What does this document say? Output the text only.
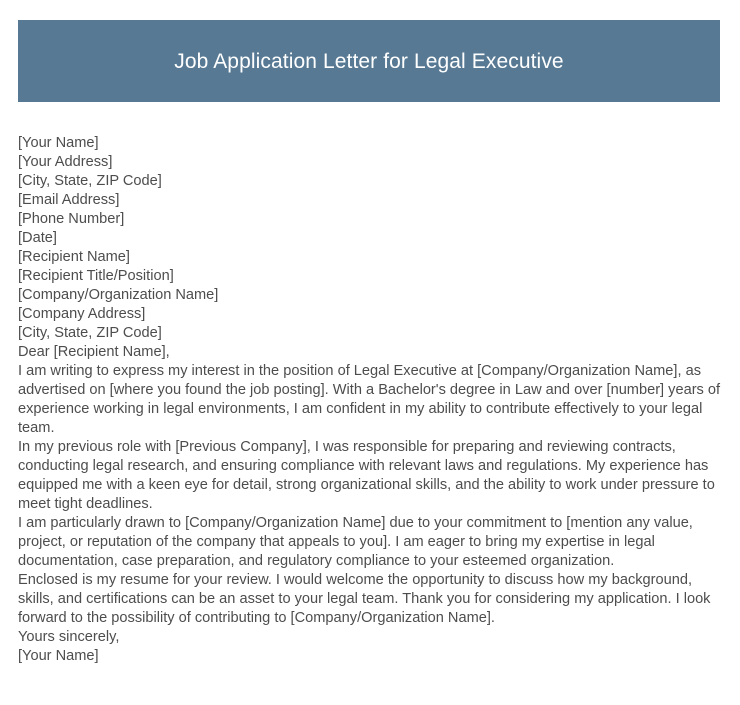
Job Application Letter for Legal Executive
[Your Name]
[Your Address]
[City, State, ZIP Code]
[Email Address]
[Phone Number]
[Date]
[Recipient Name]
[Recipient Title/Position]
[Company/Organization Name]
[Company Address]
[City, State, ZIP Code]
Dear [Recipient Name],

I am writing to express my interest in the position of Legal Executive at [Company/Organization Name], as advertised on [where you found the job posting]. With a Bachelor's degree in Law and over [number] years of experience working in legal environments, I am confident in my ability to contribute effectively to your legal team.

In my previous role with [Previous Company], I was responsible for preparing and reviewing contracts, conducting legal research, and ensuring compliance with relevant laws and regulations. My experience has equipped me with a keen eye for detail, strong organizational skills, and the ability to work under pressure to meet tight deadlines.

I am particularly drawn to [Company/Organization Name] due to your commitment to [mention any value, project, or reputation of the company that appeals to you]. I am eager to bring my expertise in legal documentation, case preparation, and regulatory compliance to your esteemed organization.

Enclosed is my resume for your review. I would welcome the opportunity to discuss how my background, skills, and certifications can be an asset to your legal team. Thank you for considering my application. I look forward to the possibility of contributing to [Company/Organization Name].

Yours sincerely,
[Your Name]
